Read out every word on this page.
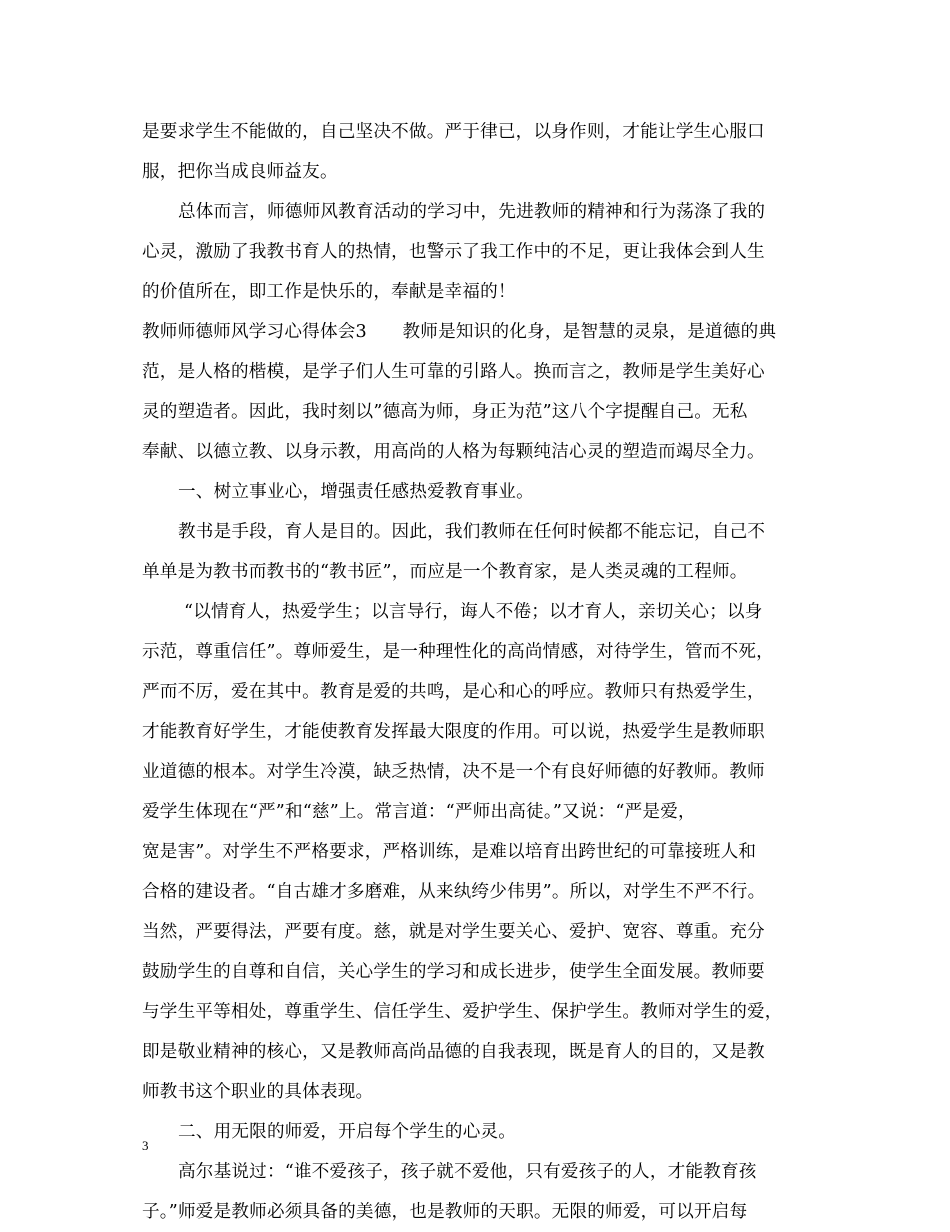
是要求学生不能做的，自己坚决不做。严于律已，以身作则，才能让学生心服口
服，把你当成良师益友。
总体而言，师德师风教育活动的学习中，先进教师的精神和行为荡涤了我的
心灵，激励了我教书育人的热情，也警示了我工作中的不足，更让我体会到人生
的价值所在，即工作是快乐的，奉献是幸福的！
教师师德师风学习心得体会3　　教师是知识的化身，是智慧的灵泉，是道德的典
范，是人格的楷模，是学子们人生可靠的引路人。换而言之，教师是学生美好心
灵的塑造者。因此，我时刻以”德高为师，身正为范”这八个字提醒自己。无私
奉献、以德立教、以身示教，用高尚的人格为每颗纯洁心灵的塑造而竭尽全力。
一、树立事业心，增强责任感热爱教育事业。
教书是手段，育人是目的。因此，我们教师在任何时候都不能忘记，自己不
单单是为教书而教书的“教书匠”，而应是一个教育家，是人类灵魂的工程师。
“以情育人，热爱学生；以言导行，诲人不倦；以才育人，亲切关心；以身
示范，尊重信任”。尊师爱生，是一种理性化的高尚情感，对待学生，管而不死，
严而不厉，爱在其中。教育是爱的共鸣，是心和心的呼应。教师只有热爱学生，
才能教育好学生，才能使教育发挥最大限度的作用。可以说，热爱学生是教师职
业道德的根本。对学生冷漠，缺乏热情，决不是一个有良好师德的好教师。教师
爱学生体现在“严”和“慈”上。常言道：“严师出高徒。”又说：“严是爱，
宽是害”。对学生不严格要求，严格训练，是难以培育出跨世纪的可靠接班人和
合格的建设者。“自古雄才多磨难，从来纨绔少伟男”。所以，对学生不严不行。
当然，严要得法，严要有度。慈，就是对学生要关心、爱护、宽容、尊重。充分
鼓励学生的自尊和自信，关心学生的学习和成长进步，使学生全面发展。教师要
与学生平等相处，尊重学生、信任学生、爱护学生、保护学生。教师对学生的爱，
即是敬业精神的核心，又是教师高尚品德的自我表现，既是育人的目的，又是教
师教书这个职业的具体表现。
二、用无限的师爱，开启每个学生的心灵。
高尔基说过：“谁不爱孩子，孩子就不爱他，只有爱孩子的人，才能教育孩
子。”师爱是教师必须具备的美德，也是教师的天职。无限的师爱，可以开启每
3
